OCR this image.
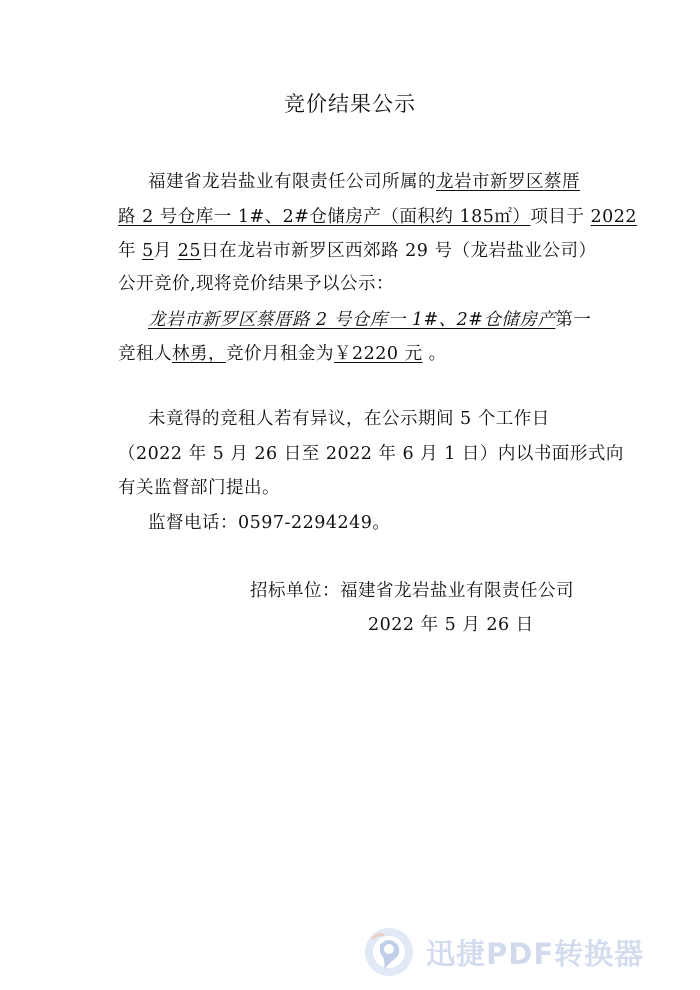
竞价结果公示
福建省龙岩盐业有限责任公司所属的龙岩市新罗区蔡厝
路 2 号仓库一 1#、2#仓储房产（面积约 185㎡）项目于 2022
年 5月 25日在龙岩市新罗区西郊路 29 号（龙岩盐业公司）
公开竞价,现将竞价结果予以公示：
龙岩市新罗区蔡厝路 2 号仓库一 1#、2#仓储房产第一
竞租人林勇，竞价月租金为￥2220 元 。
未竟得的竞租人若有异议，在公示期间 5 个工作日
（2022 年 5 月 26 日至 2022 年 6 月 1 日）内以书面形式向
有关监督部门提出。
监督电话：0597-2294249。
招标单位：福建省龙岩盐业有限责任公司
2022 年 5 月 26 日
迅捷PDF转换器
